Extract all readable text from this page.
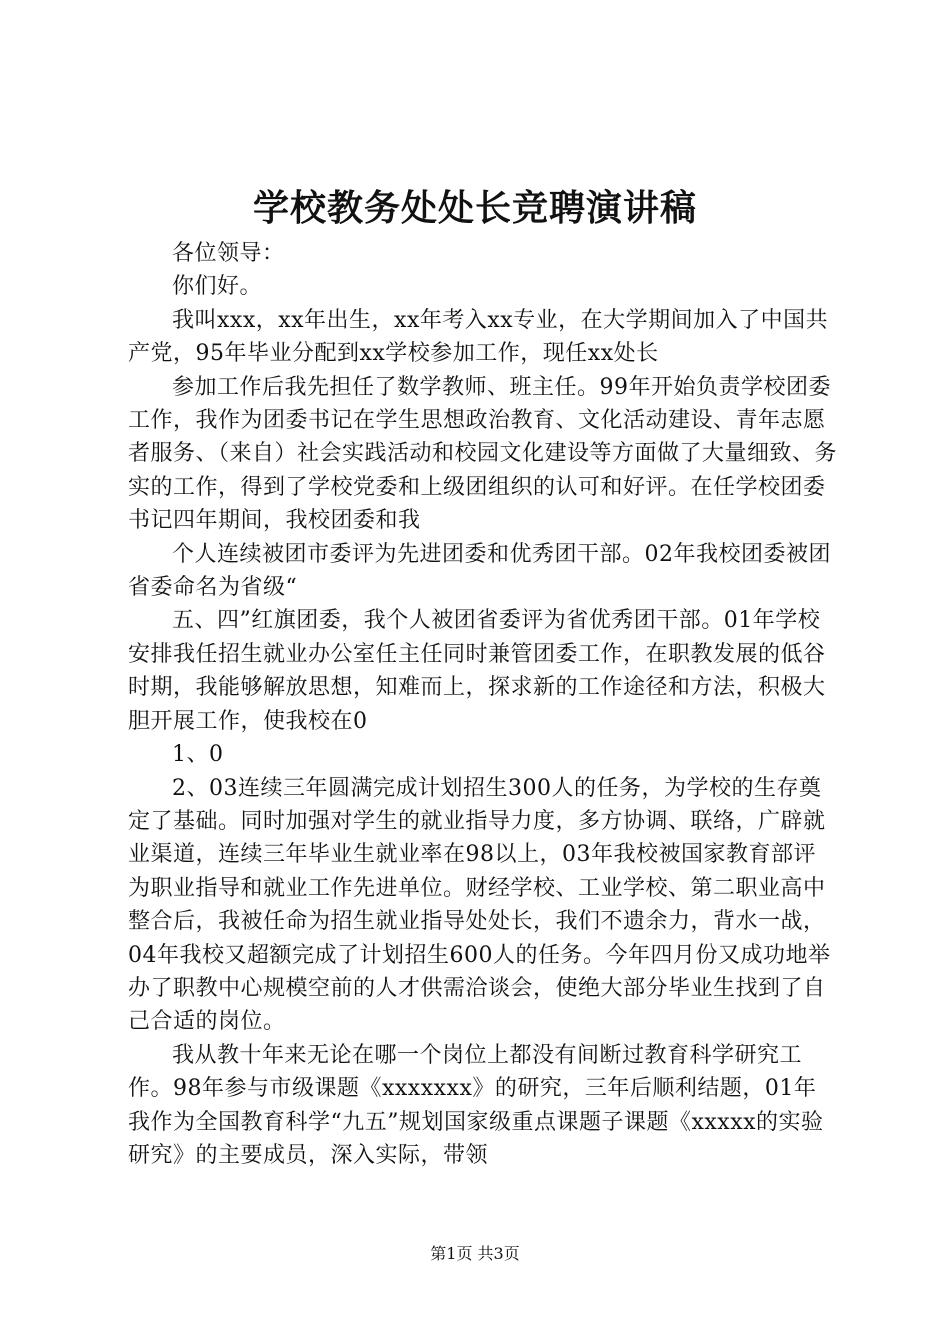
学校教务处处长竞聘演讲稿

各位领导：

你们好。

我叫xxx，xx年出生，xx年考入xx专业，在大学期间加入了中国共产党，95年毕业分配到xx学校参加工作，现任xx处长

参加工作后我先担任了数学教师、班主任。99年开始负责学校团委工作，我作为团委书记在学生思想政治教育、文化活动建设、青年志愿者服务、（来自）社会实践活动和校园文化建设等方面做了大量细致、务实的工作，得到了学校党委和上级团组织的认可和好评。在任学校团委书记四年期间，我校团委和我

个人连续被团市委评为先进团委和优秀团干部。02年我校团委被团省委命名为省级“

五、四”红旗团委，我个人被团省委评为省优秀团干部。01年学校安排我任招生就业办公室任主任同时兼管团委工作，在职教发展的低谷时期，我能够解放思想，知难而上，探求新的工作途径和方法，积极大胆开展工作，使我校在0

1、0

2、03连续三年圆满完成计划招生300人的任务，为学校的生存奠定了基础。同时加强对学生的就业指导力度，多方协调、联络，广辟就业渠道，连续三年毕业生就业率在98以上，03年我校被国家教育部评为职业指导和就业工作先进单位。财经学校、工业学校、第二职业高中整合后，我被任命为招生就业指导处处长，我们不遗余力，背水一战，04年我校又超额完成了计划招生600人的任务。今年四月份又成功地举办了职教中心规模空前的人才供需洽谈会，使绝大部分毕业生找到了自己合适的岗位。

我从教十年来无论在哪一个岗位上都没有间断过教育科学研究工作。98年参与市级课题《xxxxxxx》的研究，三年后顺利结题，01年我作为全国教育科学“九五”规划国家级重点课题子课题《xxxxx的实验研究》的主要成员，深入实际，带领

第1页 共3页
